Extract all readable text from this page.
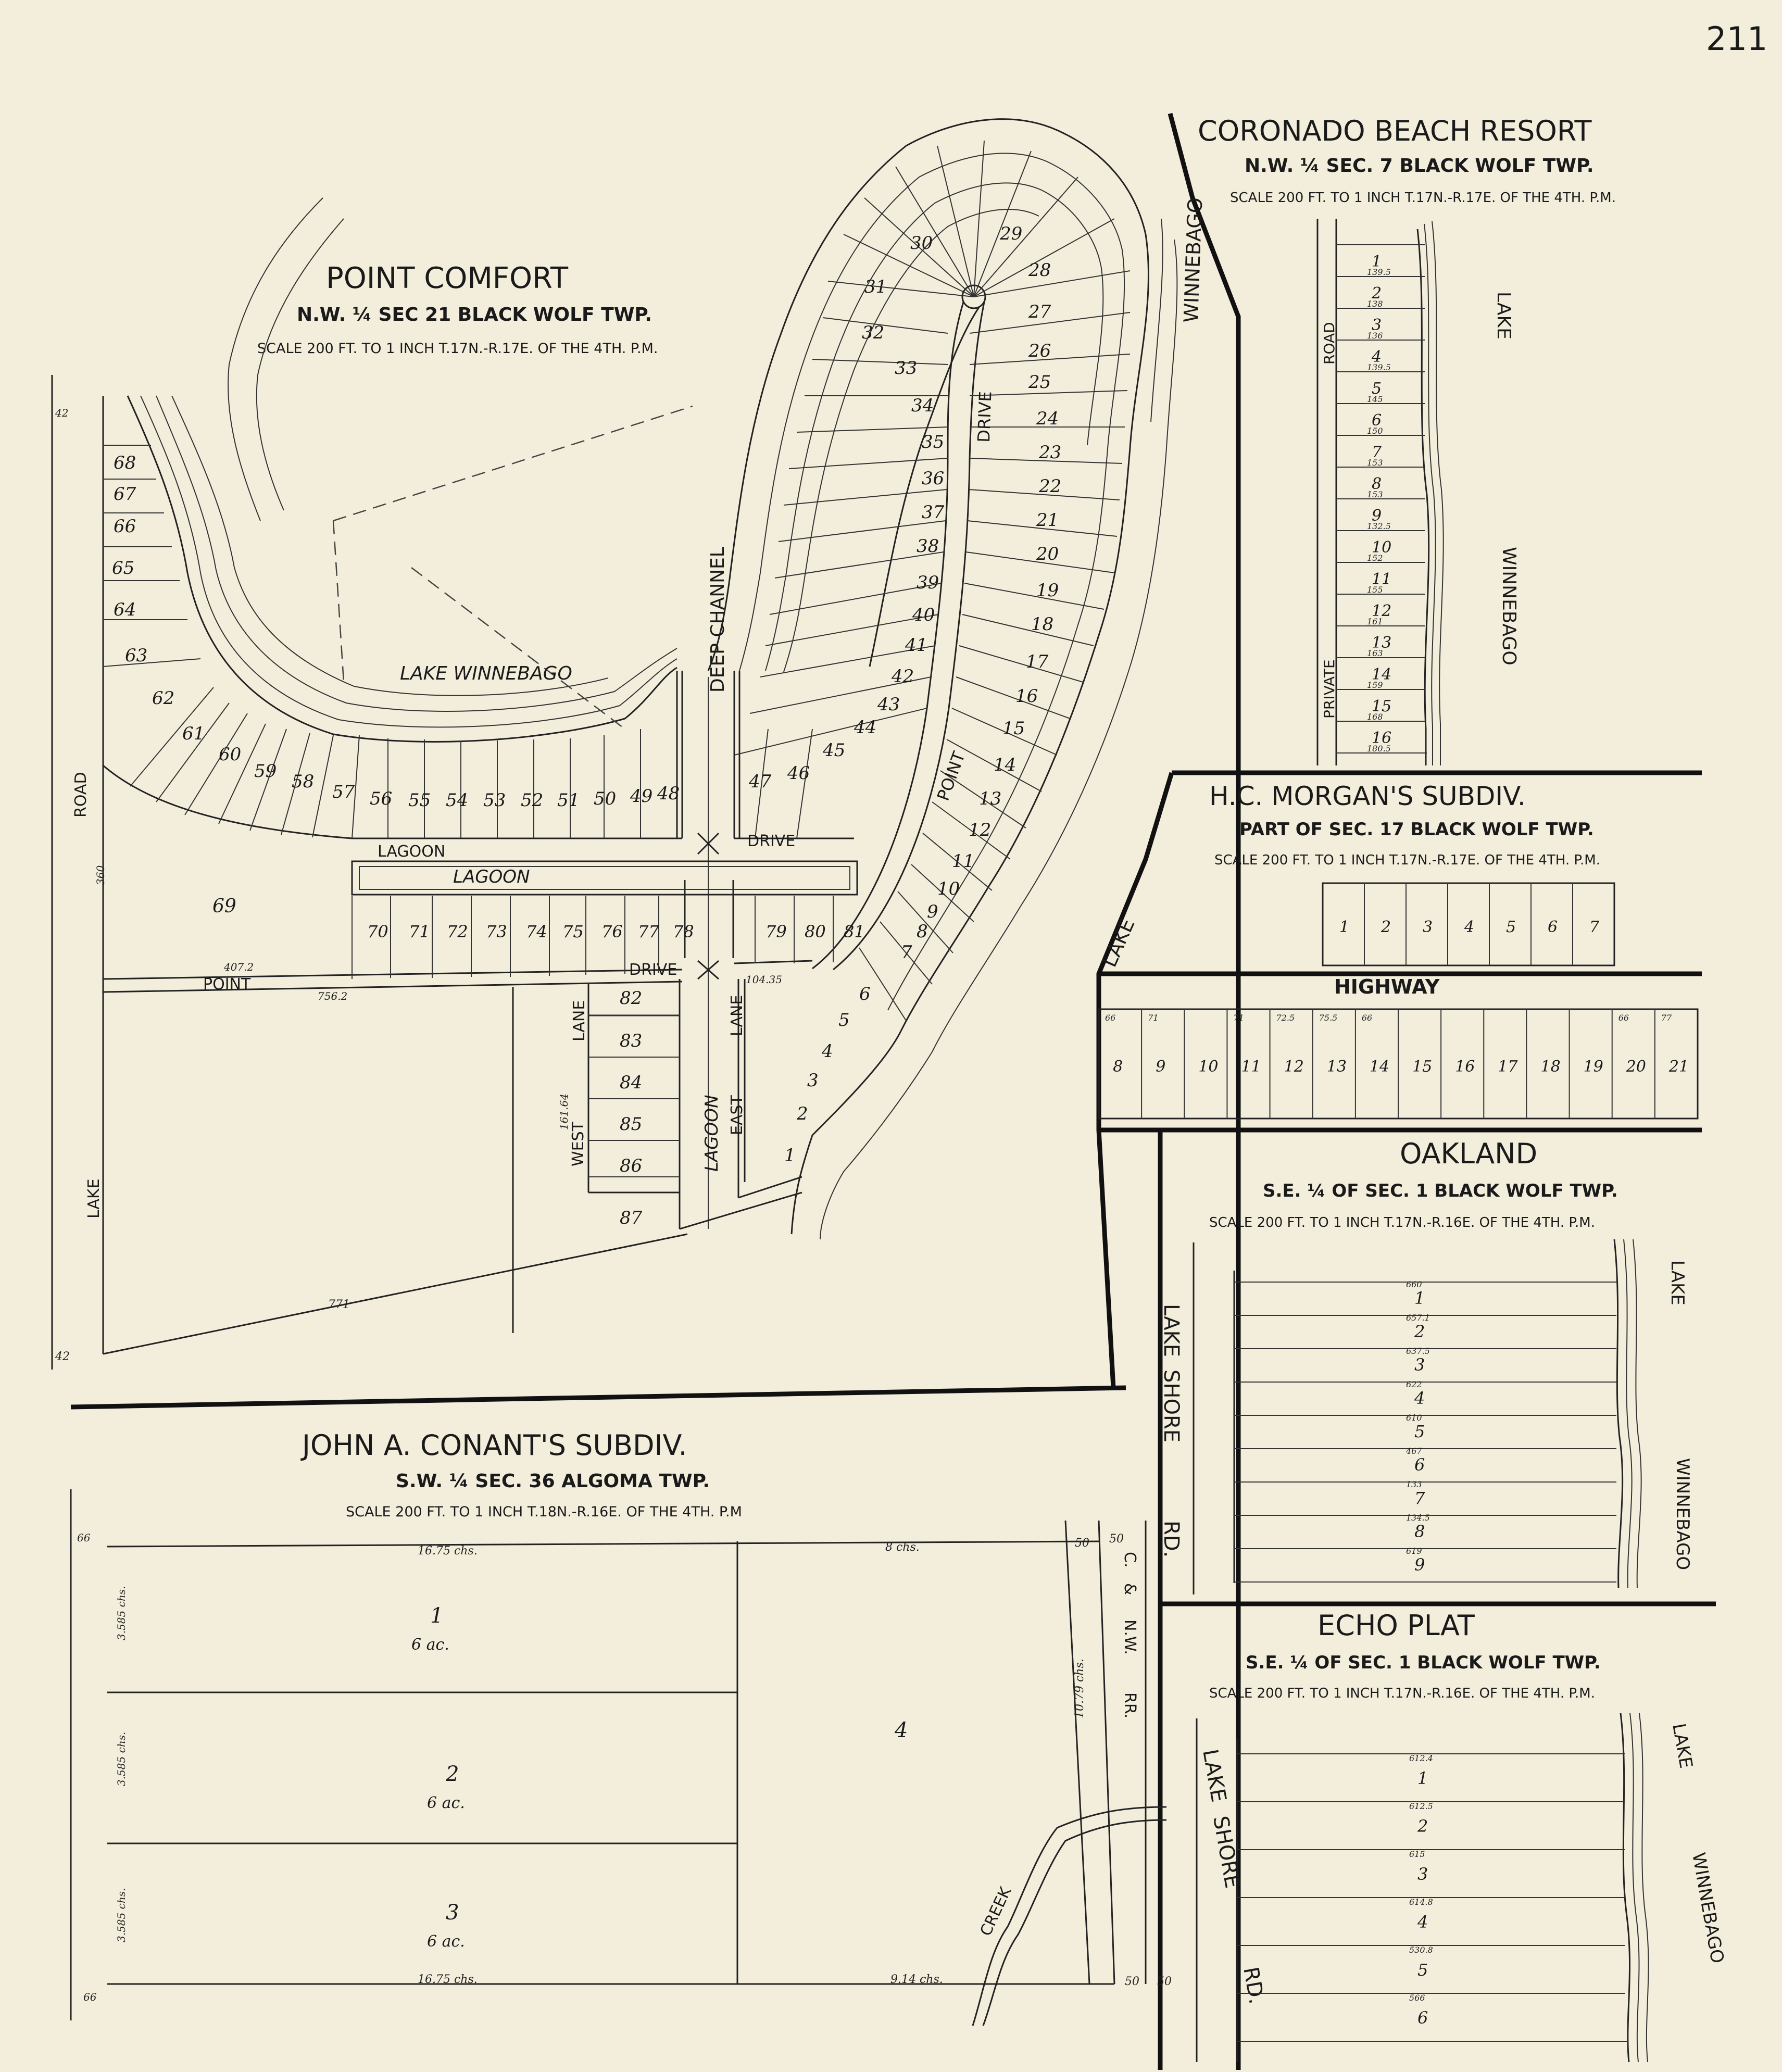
211
POINT COMFORT
N.W. ¼ SEC 21 BLACK WOLF TWP.
SCALE 200 FT. TO 1 INCH T.17N.-R.17E. OF THE 4TH. P.M.
DEEP CHANNEL
LAGOON
LAGOON
DRIVE
POINT
DRIVE
POINT
DRIVE
ROAD
LAKE
WEST
LANE
EAST
LANE
LAGOON
LAKE WINNEBAGO
WINNEBAGO
LAKE
69
42
42
771
407.2
756.2
104.35
161.64
360
68
67
66
65
64
63
62
61
60
59 58 57 56 55 54 53 52 51 50 49 48
47 46
45
44
43
42
41
40
39
38
37
36
35
34
33
32
31
30	29
28
27
26
25
24
23
22
21
20
19
18
17
16
15
14
13
12
11
10
9
8
7
6
5
4
3
2
1
70 71 72 73 74 75 76 77 78	79 80 81
82
83
84
85
86
87
CORONADO BEACH RESORT
N.W. ¼ SEC. 7 BLACK WOLF TWP.
SCALE 200 FT. TO 1 INCH T.17N.-R.17E. OF THE 4TH. P.M.
ROAD
PRIVATE
LAKE
WINNEBAGO
1
139.5
2
138
3
136
4
139.5
5
145
6
150
7
153
8
153
9
132.5
10
152
11
155
12
161
13
163
14
159
15
168
16
180.5
H.C. MORGAN'S SUBDIV.
PART OF SEC. 17 BLACK WOLF TWP.
SCALE 200 FT. TO 1 INCH T.17N.-R.17E. OF THE 4TH. P.M.
HIGHWAY
1 2 3 4 5 6 7
8
66
9
71
10 11
71
12
72.5
13
75.5
14
66
15 16 17 18 19 20
66
21
77
OAKLAND
S.E. ¼ OF SEC. 1 BLACK WOLF TWP.
SCALE 200 FT. TO 1 INCH T.17N.-R.16E. OF THE 4TH. P.M.
LAKE
SHORE
RD.
LAKE
WINNEBAGO
1
660
2
657.1
3
637.5
4
622
5
610
6
467
7
133
8
134.5
9
619
ECHO PLAT
S.E. ¼ OF SEC. 1 BLACK WOLF TWP.
SCALE 200 FT. TO 1 INCH T.17N.-R.16E. OF THE 4TH. P.M.
LAKE
SHORE
RD.
LAKE
WINNEBAGO
1
612.4
2
612.5
3
615
4
614.8
5
530.8
6
566
JOHN A. CONANT'S SUBDIV.
S.W. ¼ SEC. 36 ALGOMA TWP.
SCALE 200 FT. TO 1 INCH T.18N.-R.16E. OF THE 4TH. P.M
CREEK
C.
&
N.W.
RR.
1
6 ac.
2
6 ac.
3
6 ac.
4
16.75 chs.	8 chs.
16.75 chs.	9.14 chs.
3.585 chs.
3.585 chs.
3.585 chs.
10.79 chs.
66
66
50 50
50 50
